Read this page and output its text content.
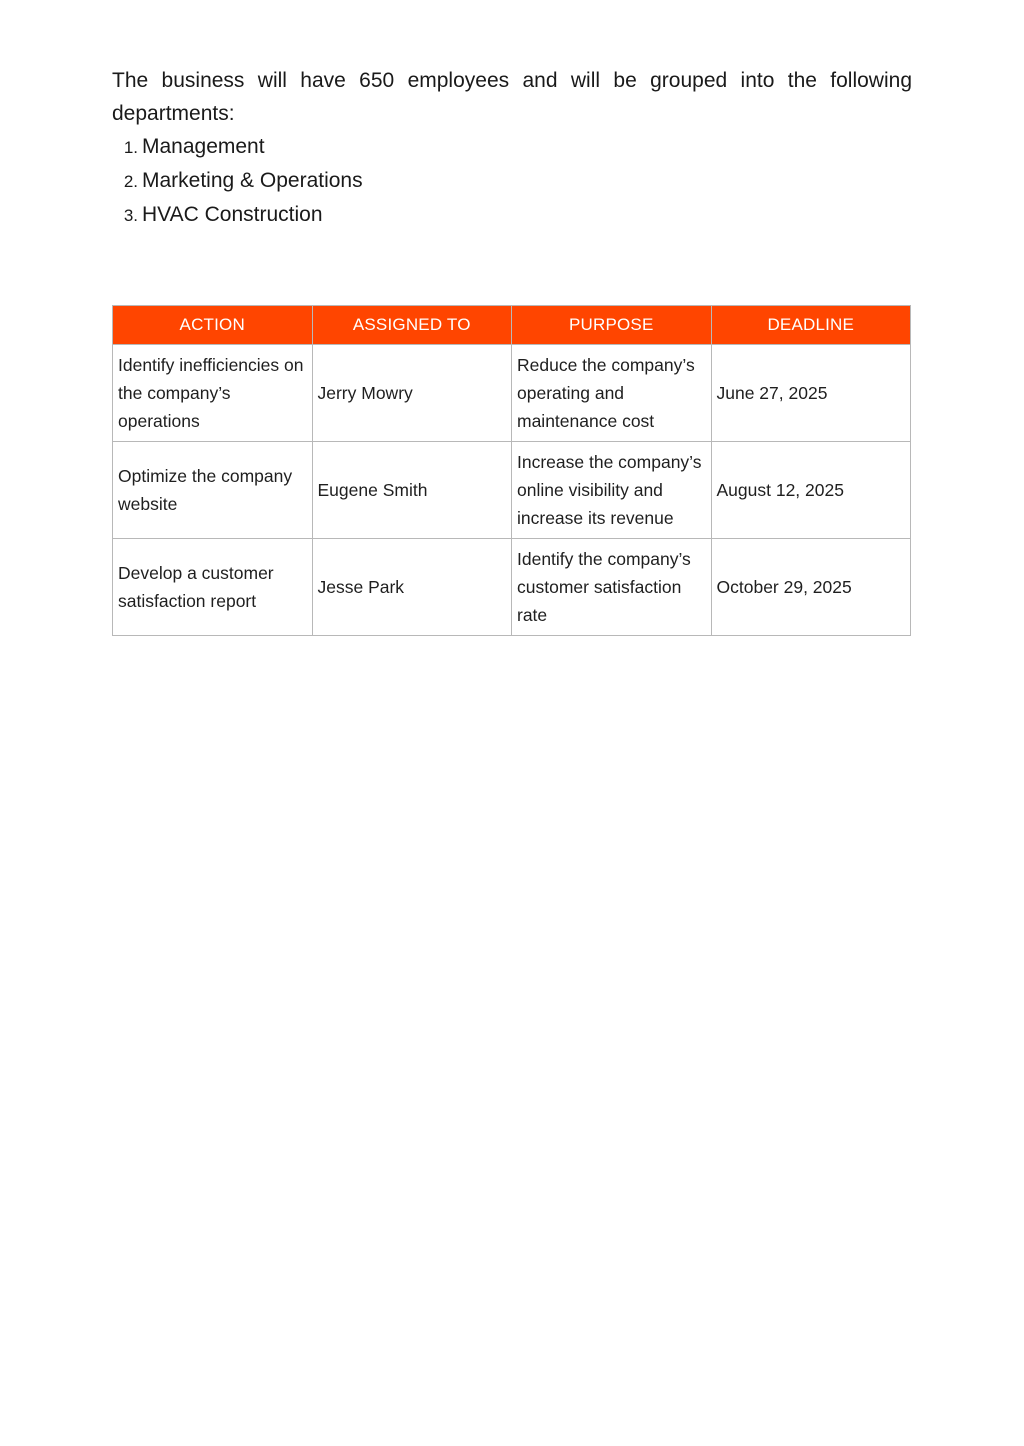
The business will have 650 employees and will be grouped into the following departments:

1. Management
2. Marketing & Operations
3. HVAC Construction
ACTION	ASSIGNED TO	PURPOSE	DEADLINE
Identify inefficiencies on the company’s operations	Jerry Mowry	Reduce the company’s operating and maintenance cost	June 27, 2025
Optimize the company website	Eugene Smith	Increase the company’s online visibility and increase its revenue	August 12, 2025
Develop a customer satisfaction report	Jesse Park	Identify the company’s customer satisfaction rate	October 29, 2025
